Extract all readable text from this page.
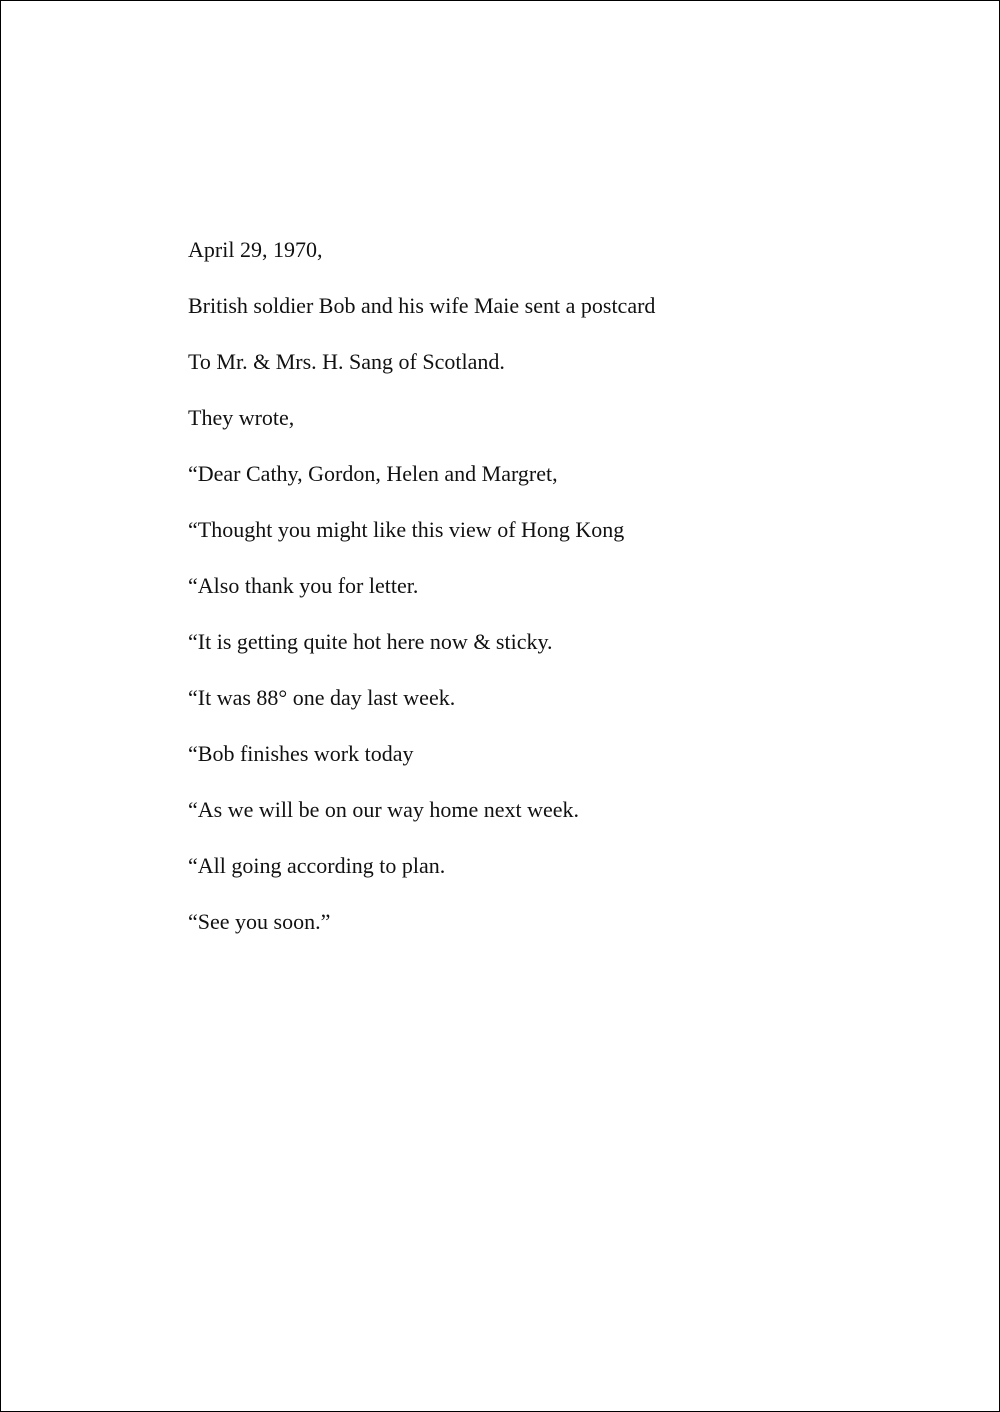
April 29, 1970,

British soldier Bob and his wife Maie sent a postcard

To Mr. & Mrs. H. Sang of Scotland.

They wrote,

“Dear Cathy, Gordon, Helen and Margret,

“Thought you might like this view of Hong Kong

“Also thank you for letter.

“It is getting quite hot here now & sticky.

“It was 88° one day last week.

“Bob finishes work today

“As we will be on our way home next week.

“All going according to plan.

“See you soon.”
